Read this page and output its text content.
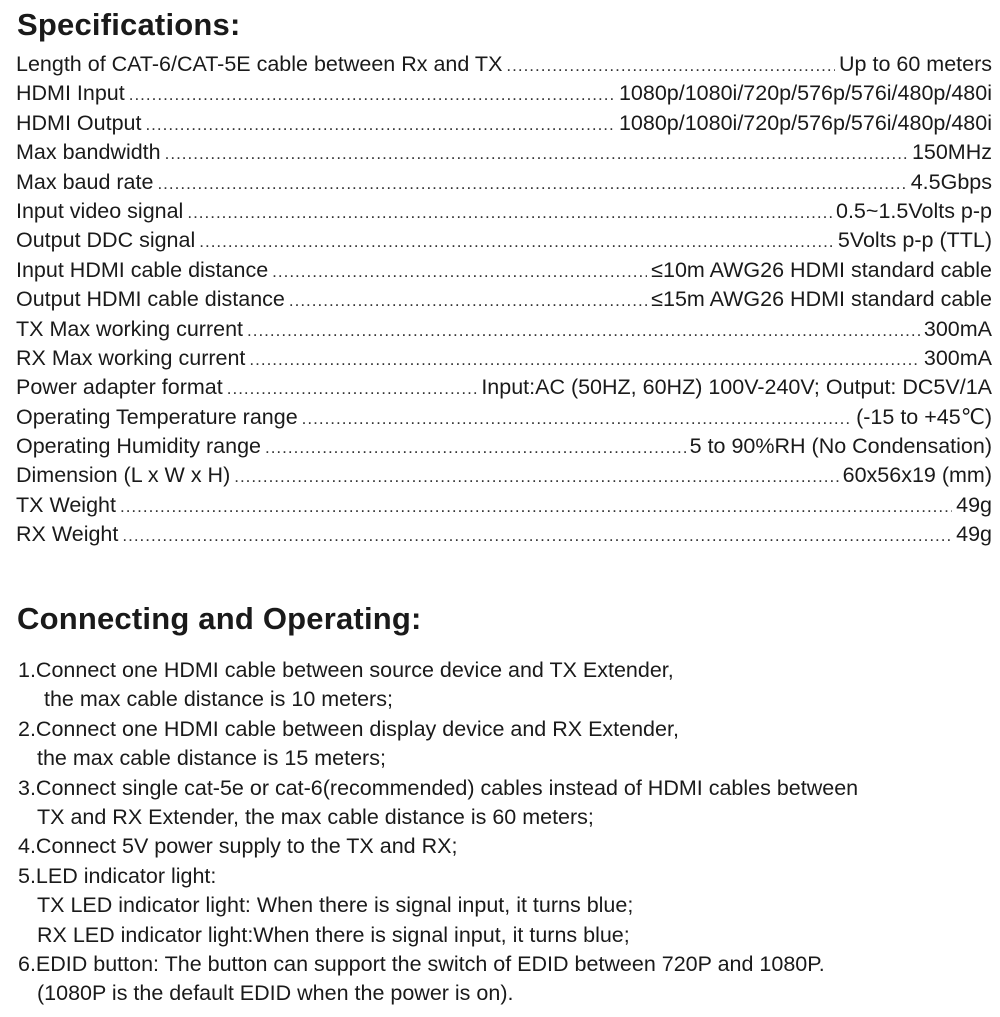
Specifications:
Length of CAT-6/CAT-5E cable between Rx and TX .....	Up to 60 meters
HDMI Input .....	1080p/1080i/720p/576p/576i/480p/480i
HDMI Output .....	1080p/1080i/720p/576p/576i/480p/480i
Max bandwidth .....	150MHz
Max baud rate .....	4.5Gbps
Input video signal .....	0.5~1.5Volts p-p
Output DDC signal .....	5Volts p-p (TTL)
Input HDMI cable distance .....	≤10m AWG26 HDMI standard cable
Output HDMI cable distance .....	≤15m AWG26 HDMI standard cable
TX Max working current .....	300mA
RX Max working current .....	300mA
Power adapter format .....	Input:AC (50HZ, 60HZ) 100V-240V; Output: DC5V/1A
Operating Temperature range .....	(-15 to +45℃)
Operating Humidity range .....	5 to 90%RH (No Condensation)
Dimension (L x W x H) .....	60x56x19 (mm)
TX Weight .....	49g
RX Weight .....	49g
Connecting and Operating:
1.Connect one HDMI cable between source device and TX Extender,
the max cable distance is 10 meters;
2.Connect one HDMI cable between display device and RX Extender,
the max cable distance is 15 meters;
3.Connect single cat-5e or cat-6(recommended) cables instead of HDMI cables between
TX and RX Extender, the max cable distance is 60 meters;
4.Connect 5V power supply to the TX and RX;
5.LED indicator light:
TX LED indicator light: When there is signal input, it turns blue;
RX LED indicator light:When there is signal input, it turns blue;
6.EDID button: The button can support the switch of EDID between 720P and 1080P.
(1080P is the default EDID when the power is on).
